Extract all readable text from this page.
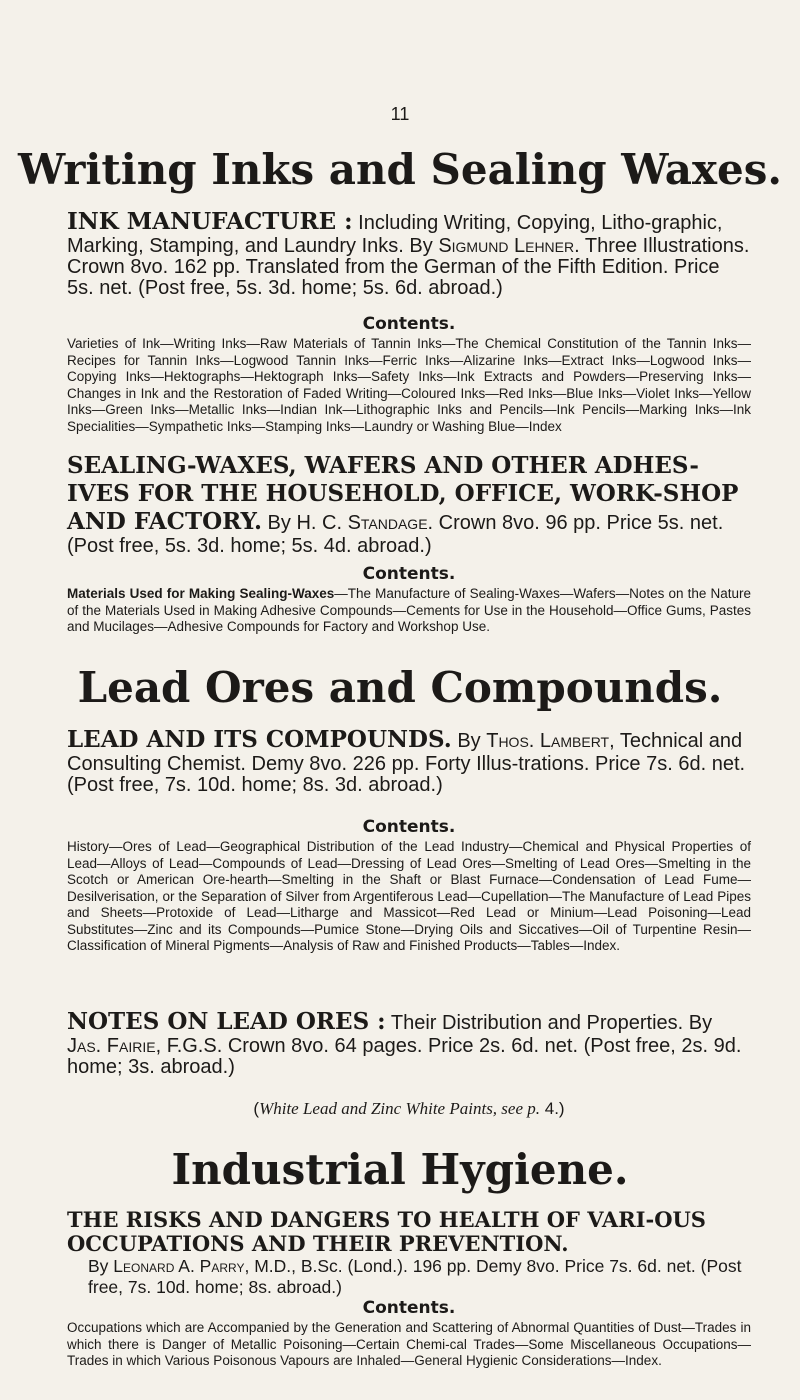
11

Writing Inks and Sealing Waxes.

INK MANUFACTURE :

Including Writing, Copying, Litho-graphic, Marking, Stamping, and Laundry Inks. By Sigmund Lehner. Three Illustrations. Crown 8vo. 162 pp. Translated from the German of the Fifth Edition. Price 5s. net. (Post free, 5s. 3d. home; 5s. 6d. abroad.)

Contents.

Varieties of Ink—Writing Inks—Raw Materials of Tannin Inks—The Chemical Constitution of the Tannin Inks—Recipes for Tannin Inks—Logwood Tannin Inks—Ferric Inks—Alizarine Inks—Extract Inks—Logwood Inks—Copying Inks—Hektographs—Hektograph Inks—Safety Inks—Ink Extracts and Powders—Preserving Inks—Changes in Ink and the Restoration of Faded Writing—Coloured Inks—Red Inks—Blue Inks—Violet Inks—Yellow Inks—Green Inks—Metallic Inks—Indian Ink—Lithographic Inks and Pencils—Ink Pencils—Marking Inks—Ink Specialities—Sympathetic Inks—Stamping Inks—Laundry or Washing Blue—Index

SEALING-WAXES, WAFERS AND OTHER ADHES-IVES FOR THE HOUSEHOLD, OFFICE, WORK-SHOP AND FACTORY.

By H. C. Standage. Crown 8vo. 96 pp. Price 5s. net. (Post free, 5s. 3d. home; 5s. 4d. abroad.)

Contents.

Materials Used for Making Sealing-Waxes—The Manufacture of Sealing-Waxes—Wafers—Notes on the Nature of the Materials Used in Making Adhesive Compounds—Cements for Use in the Household—Office Gums, Pastes and Mucilages—Adhesive Compounds for Factory and Workshop Use.

Lead Ores and Compounds.

LEAD AND ITS COMPOUNDS.

By Thos. Lambert, Technical and Consulting Chemist. Demy 8vo. 226 pp. Forty Illus-trations. Price 7s. 6d. net. (Post free, 7s. 10d. home; 8s. 3d. abroad.)

Contents.

History—Ores of Lead—Geographical Distribution of the Lead Industry—Chemical and Physical Properties of Lead—Alloys of Lead—Compounds of Lead—Dressing of Lead Ores—Smelting of Lead Ores—Smelting in the Scotch or American Ore-hearth—Smelting in the Shaft or Blast Furnace—Condensation of Lead Fume—Desilverisation, or the Separation of Silver from Argentiferous Lead—Cupellation—The Manufacture of Lead Pipes and Sheets—Protoxide of Lead—Litharge and Massicot—Red Lead or Minium—Lead Poisoning—Lead Substitutes—Zinc and its Compounds—Pumice Stone—Drying Oils and Siccatives—Oil of Turpentine Resin—Classification of Mineral Pigments—Analysis of Raw and Finished Products—Tables—Index.

NOTES ON LEAD ORES :

Their Distribution and Properties. By Jas. Fairie, F.G.S. Crown 8vo. 64 pages. Price 2s. 6d. net. (Post free, 2s. 9d. home; 3s. abroad.)

(White Lead and Zinc White Paints, see p. 4.)

Industrial Hygiene.

THE RISKS AND DANGERS TO HEALTH OF VARI-OUS OCCUPATIONS AND THEIR PREVENTION.

By Leonard A. Parry, M.D., B.Sc. (Lond.). 196 pp. Demy 8vo. Price 7s. 6d. net. (Post free, 7s. 10d. home; 8s. abroad.)

Contents.

Occupations which are Accompanied by the Generation and Scattering of Abnormal Quantities of Dust—Trades in which there is Danger of Metallic Poisoning—Certain Chemi-cal Trades—Some Miscellaneous Occupations—Trades in which Various Poisonous Vapours are Inhaled—General Hygienic Considerations—Index.
